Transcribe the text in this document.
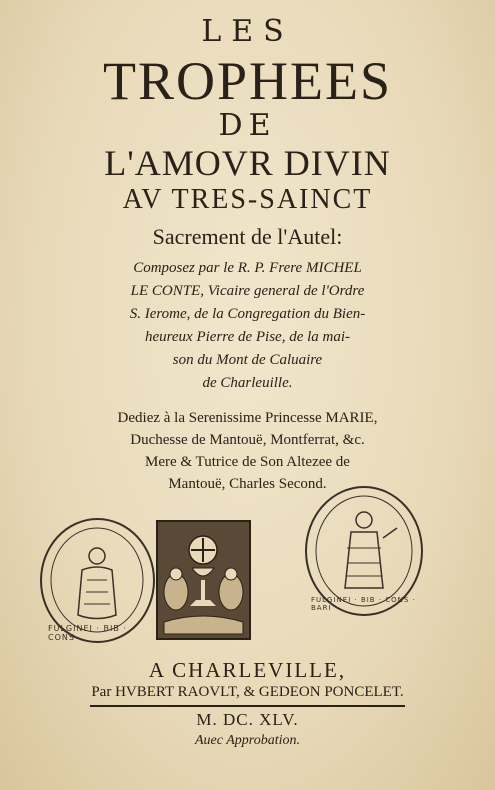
LES
TROPHEES
DE
L'AMOVR DIVIN
AV TRES-SAINCT
Sacrement de l'Autel:
Composez par le R. P. Frere MICHEL
LE CONTE, Vicaire general de l'Ordre
S. Ierome, de la Congregation du Bien-
heureux Pierre de Pise, de la mai-
son du Mont de Caluaire
de Charleuille.
Dediez à la Serenissime Princesse MARIE,
Duchesse de Mantouë, Montferrat, &c.
Mere & Tutrice de Son Altezee de
Mantouë, Charles Second.
FULGINEI · BIB · CONS
FULGINEI · BIB · CONS · BARI
A CHARLEVILLE,
Par HVBERT RAOVLT, & GEDEON PONCELET.
M. DC. XLV.
Auec Approbation.
